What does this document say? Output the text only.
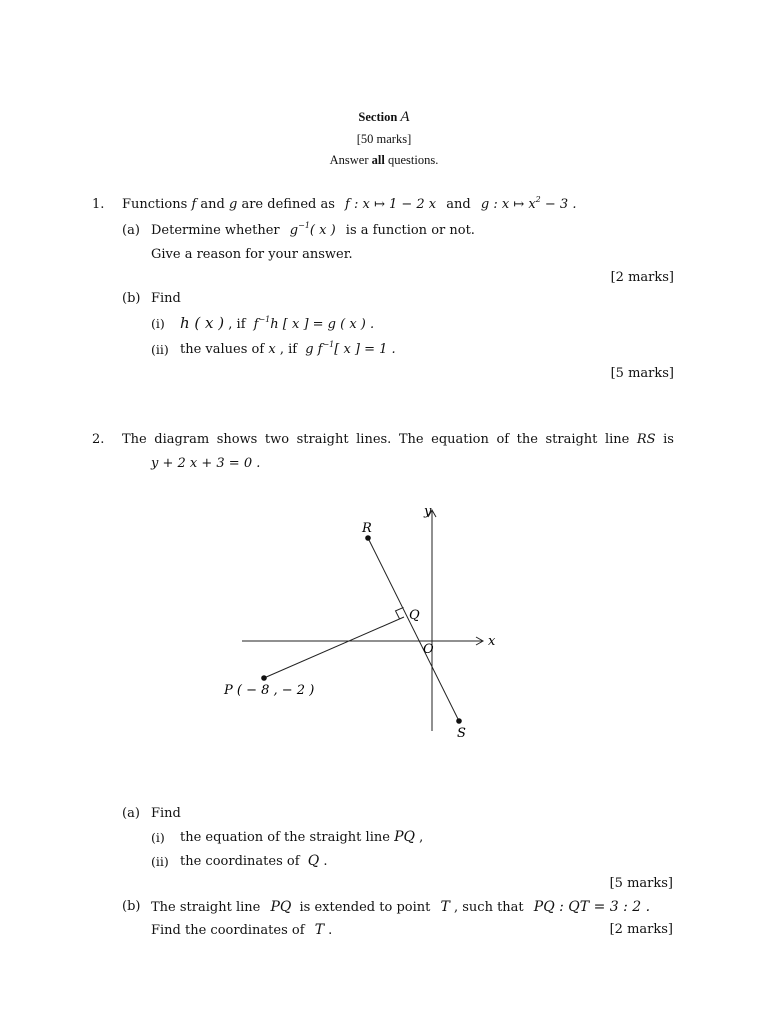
Section A
[50 marks]
Answer all questions.
1. Functions f and g are defined as f : x ↦ 1 − 2 x and g : x ↦ $x^2 - 3$ .
(a) Determine whether $g^{-1}$( x ) is a function or not.
Give a reason for your answer.
[2 marks]
(b) Find
(i) h ( x ) , if $f^{-1}h$ [ x ] = g ( x ) .
(ii) the values of x , if g $f^{-1}$[ x ] = 1 .
[5 marks]
2. The diagram shows two straight lines. The equation of the straight line RS is
y + 2 x + 3 = 0 .
y
x
O
R
Q
S
P ( − 8 , − 2 )
(a) Find
(i) the equation of the straight line PQ ,
(ii) the coordinates of Q .
[5 marks]
(b) The straight line PQ is extended to point T , such that PQ : QT = 3 : 2 .
Find the coordinates of T .	[2 marks]
